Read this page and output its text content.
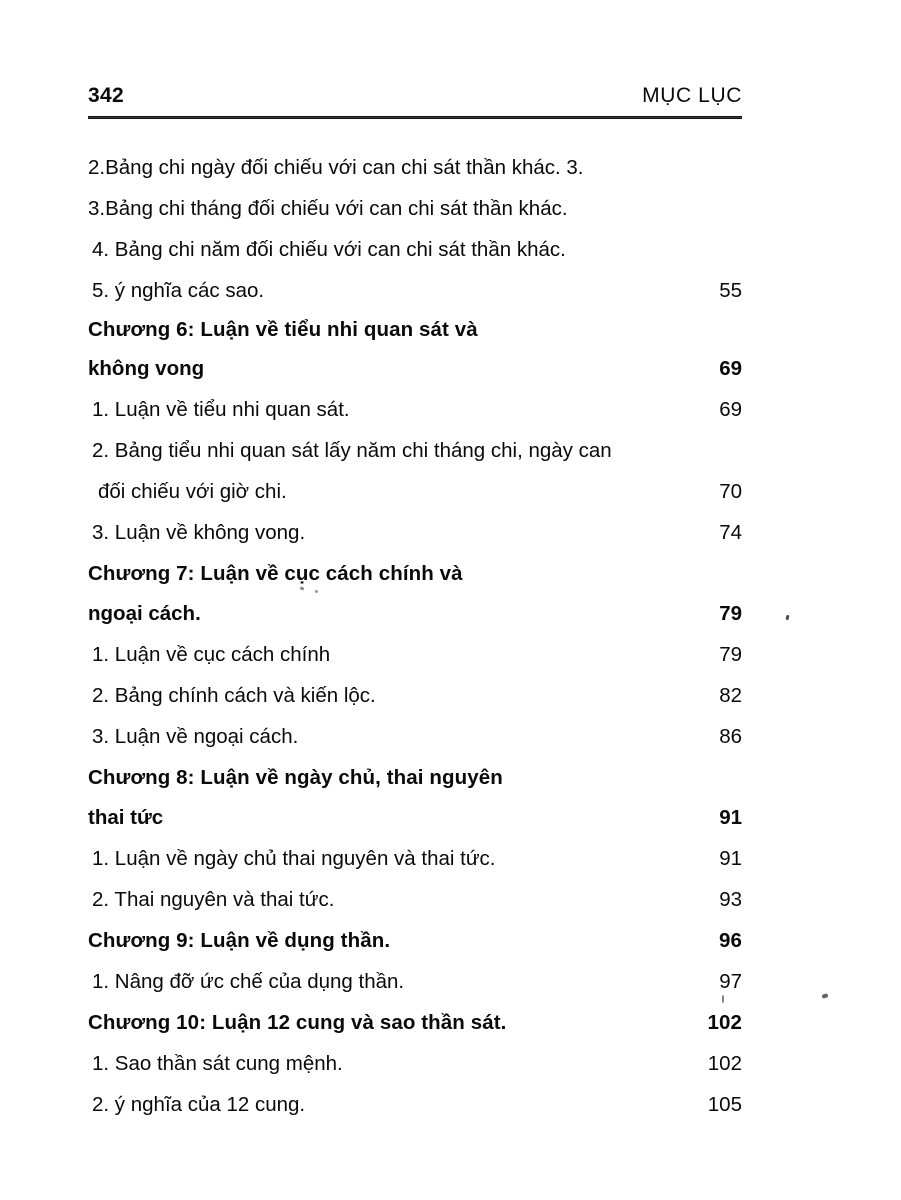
342	MỤC LỤC
2.Bảng chi ngày đối chiếu với can chi sát thần khác. 3.
3.Bảng chi tháng đối chiếu với can chi sát thần khác.
4. Bảng chi năm đối chiếu với can chi sát thần khác.
5. ý nghĩa các sao.	55
Chương 6: Luận về tiểu nhi quan sát và
không vong	69
1. Luận về tiểu nhi quan sát.	69
2. Bảng tiểu nhi quan sát lấy năm chi tháng chi, ngày can
đối chiếu với giờ chi.	70
3. Luận về không vong.	74
Chương 7: Luận về cục cách chính và
ngoại cách.	79
1. Luận về cục cách chính	79
2. Bảng chính cách và kiến lộc.	82
3. Luận về ngoại cách.	86
Chương 8: Luận về ngày chủ, thai nguyên
thai tức	91
1. Luận về ngày chủ thai nguyên và thai tức.	91
2. Thai nguyên và thai tức.	93
Chương 9: Luận về dụng thần.	96
1. Nâng đỡ ức chế của dụng thần.	97
Chương 10: Luận 12 cung và sao thần sát.	102
1. Sao thần sát cung mệnh.	102
2. ý nghĩa của 12 cung.	105
